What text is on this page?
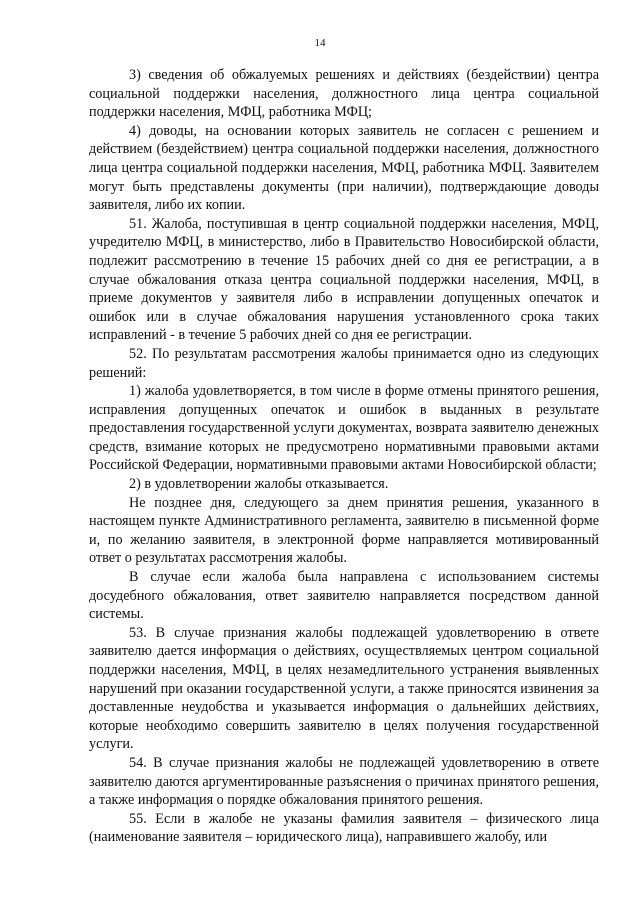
14

3) сведения об обжалуемых решениях и действиях (бездействии) центра социальной поддержки населения, должностного лица центра социальной поддержки населения, МФЦ, работника МФЦ;

4) доводы, на основании которых заявитель не согласен с решением и действием (бездействием) центра социальной поддержки населения, должностного лица центра социальной поддержки населения, МФЦ, работника МФЦ. Заявителем могут быть представлены документы (при наличии), подтверждающие доводы заявителя, либо их копии.

51. Жалоба, поступившая в центр социальной поддержки населения, МФЦ, учредителю МФЦ, в министерство, либо в Правительство Новосибирской области, подлежит рассмотрению в течение 15 рабочих дней со дня ее регистрации, а в случае обжалования отказа центра социальной поддержки населения, МФЦ, в приеме документов у заявителя либо в исправлении допущенных опечаток и ошибок или в случае обжалования нарушения установленного срока таких исправлений - в течение 5 рабочих дней со дня ее регистрации.

52. По результатам рассмотрения жалобы принимается одно из следующих решений:

1) жалоба удовлетворяется, в том числе в форме отмены принятого решения, исправления допущенных опечаток и ошибок в выданных в результате предоставления государственной услуги документах, возврата заявителю денежных средств, взимание которых не предусмотрено нормативными правовыми актами Российской Федерации, нормативными правовыми актами Новосибирской области;

2) в удовлетворении жалобы отказывается.

Не позднее дня, следующего за днем принятия решения, указанного в настоящем пункте Административного регламента, заявителю в письменной форме и, по желанию заявителя, в электронной форме направляется мотивированный ответ о результатах рассмотрения жалобы.

В случае если жалоба была направлена с использованием системы досудебного обжалования, ответ заявителю направляется посредством данной системы.

53. В случае признания жалобы подлежащей удовлетворению в ответе заявителю дается информация о действиях, осуществляемых центром социальной поддержки населения, МФЦ, в целях незамедлительного устранения выявленных нарушений при оказании государственной услуги, а также приносятся извинения за доставленные неудобства и указывается информация о дальнейших действиях, которые необходимо совершить заявителю в целях получения государственной услуги.

54. В случае признания жалобы не подлежащей удовлетворению в ответе заявителю даются аргументированные разъяснения о причинах принятого решения, а также информация о порядке обжалования принятого решения.

55. Если в жалобе не указаны фамилия заявителя – физического лица (наименование заявителя – юридического лица), направившего жалобу, или
